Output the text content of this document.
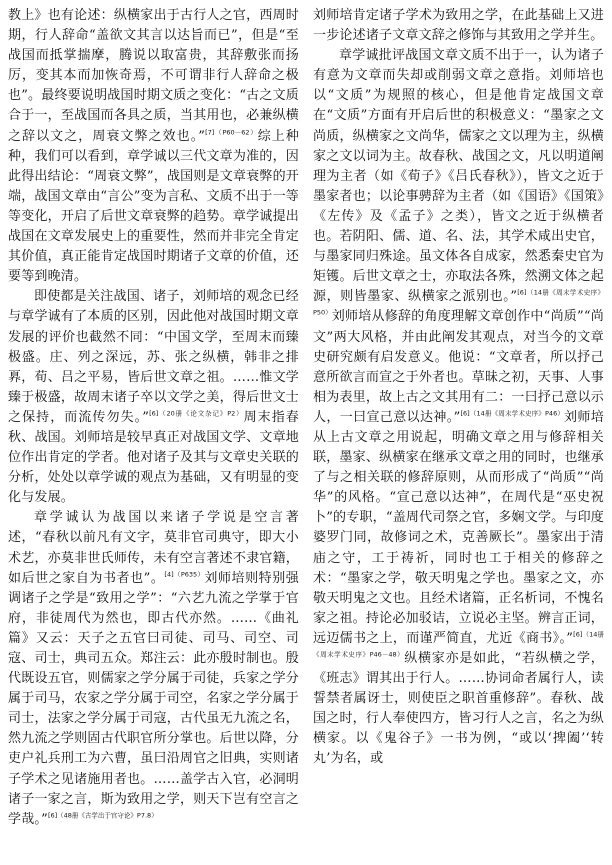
教上》也有论述：纵横家出于古行人之官，西周时期，行人辞命“盖欲文其言以达旨而已”，但是“至战国而抵掌揣摩，腾说以取富贵，其辞敷张而扬厉，变其本而加恢奇焉，不可谓非行人辞命之极也”。最终要说明战国时期文质之变化：“古之文质合于一，至战国而各具之质，当其用也，必兼纵横之辞以文之，周衰文弊之效也。”$^{[7](P60-62)}$综上种种，我们可以看到，章学诚以三代文章为准的，因此得出结论：“周衰文弊”，战国则是文章衰弊的开端，战国文章由“言公”变为言私、文质不出于一等等变化，开启了后世文章衰弊的趋势。章学诚提出战国在文章发展史上的重要性，然而并非完全肯定其价值，真正能肯定战国时期诸子文章的价值，还要等到晚清。

即使都是关注战国、诸子，刘师培的观念已经与章学诚有了本质的区别，因此他对战国时期文章发展的评价也截然不同：“中国文学，至周末而臻极盛。庄、列之深远，苏、张之纵横，韩非之排奡，荀、吕之平易，皆后世文章之祖。……惟文学臻于极盛，故周末诸子卒以文学之美，得后世文士之保持，而流传勿失。”$^{[6](20册《论文杂记》P2)}$周末指春秋、战国。刘师培是较早真正对战国文学、文章地位作出肯定的学者。他对诸子及其与文章史关联的分析，处处以章学诚的观点为基础，又有明显的变化与发展。

章学诚认为战国以来诸子学说是空言著述，“春秋以前凡有文字，莫非官司典守，即大小术艺，亦莫非世氏师传，未有空言著述不隶官籍，如后世之家自为书者也”。$^{[4](P635)}$刘师培则特别强调诸子之学是“致用之学”：“六艺九流之学掌于官府，非徒周代为然也，即古代亦然。……《曲礼篇》又云：天子之五官曰司徒、司马、司空、司寇、司士，典司五众。郑注云：此亦殷时制也。殷代既设五官，则儒家之学分属于司徒，兵家之学分属于司马，农家之学分属于司空，名家之学分属于司士，法家之学分属于司寇，古代虽无九流之名，然九流之学则固古代职官所分掌也。后世以降，分吏户礼兵刑工为六曹，虽曰沿周官之旧典，实则诸子学术之见诸施用者也。……盖学古入官，必洞明诸子一家之言，斯为致用之学，则天下岂有空言之学哉。”$^{[6](48册《古学出于官守论》P7.8)}$

刘师培肯定诸子学术为致用之学，在此基础上又进一步论述诸子文章文辞之修饰与其致用之学并生。

章学诚批评战国文章文质不出于一，认为诸子有意为文章而失却或削弱文章之意指。刘师培也以“文质”为规照的核心，但是他肯定战国文章在“文质”方面有开启后世的积极意义：“墨家之文尚质，纵横家之文尚华，儒家之文以理为主，纵横家之文以词为主。故春秋、战国之文，凡以明道阐理为主者（如《荀子》《吕氏春秋》），皆文之近于墨家者也；以论事骋辞为主者（如《国语》《国策》《左传》及《孟子》之类），皆文之近于纵横者也。若阴阳、儒、道、名、法，其学术咸出史官，与墨家同归殊途。虽文体各自成家，然悉秦史官为矩镬。后世文章之士，亦取法各殊，然溯文体之起源，则皆墨家、纵横家之派别也。”$^{[6](14册《周末学术史序》P50)}$刘师培从修辞的角度理解文章创作中“尚质”“尚文”两大风格，并由此阐发其观点，对当今的文章史研究颇有启发意义。他说：“文章者，所以抒己意所欲言而宣之于外者也。草昧之初，天事、人事相为表里，故上古之文其用有二：一曰抒己意以示人，一曰宣己意以达神。”$^{[6](14册《周末学术史序》P46)}$刘师培从上古文章之用说起，明确文章之用与修辞相关联，墨家、纵横家在继承文章之用的同时，也继承了与之相关联的修辞原则，从而形成了“尚质”“尚华”的风格。“宣己意以达神”，在周代是“巫史祝卜”的专职，“盖周代司祭之官，多娴文学。与印度婆罗门同，故修词之术，克善厥长”。墨家出于清庙之守，工于祷祈，同时也工于相关的修辞之术：“墨家之学，敬天明鬼之学也。墨家之文，亦敬天明鬼之文也。且经术诸篇，正名析词，不愧名家之祖。持论必加驳诘，立说必主坚。辨言正词，远迈儒书之上，而谨严简直，尤近《商书》。”$^{[6](14册《周末学术史序》P46-48)}$纵横家亦是如此，“若纵横之学，《班志》谓其出于行人。……协词命者属行人，读誓禁者属讶士，则使臣之职首重修辞”。春秋、战国之时，行人奉使四方，皆习行人之言，名之为纵横家。以《鬼谷子》一书为例，“或以‘捭阖’‘转丸’为名，或
